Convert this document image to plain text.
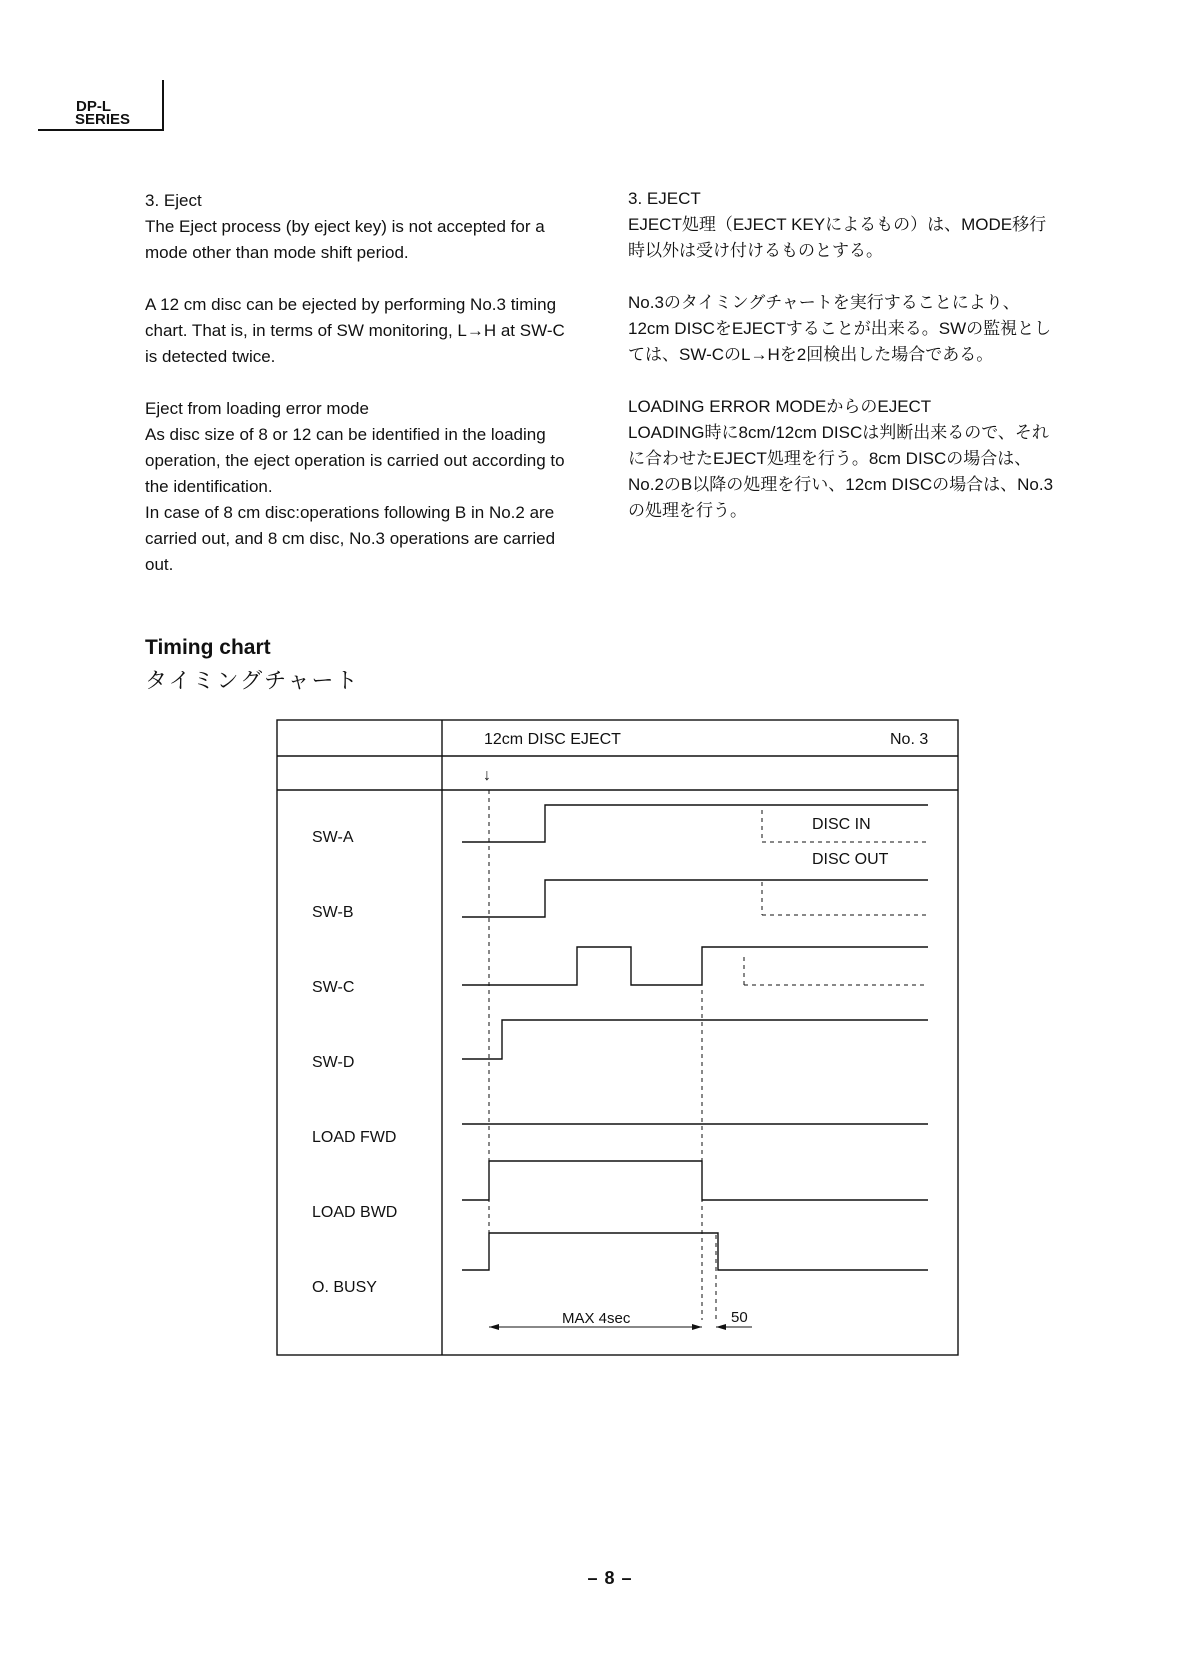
DP-L
SERIES

3. Eject

The Eject process (by eject key) is not accepted for a

mode other than mode shift period.

A 12 cm disc can be ejected by performing No.3 timing

chart. That is, in terms of SW monitoring, L→H at SW-C

is detected twice.

Eject from loading error mode

As disc size of 8 or 12 can be identified in the loading

operation, the eject operation is carried out according to

the identification.

In case of 8 cm disc:operations following B in No.2 are

carried out, and 8 cm disc, No.3 operations are carried

out.

3. EJECT

EJECT処理（EJECT KEYによるもの）は、MODE移行

時以外は受け付けるものとする。

No.3のタイミングチャートを実行することにより、

12cm DISCをEJECTすることが出来る。SWの監視とし

ては、SW-CのL→Hを2回検出した場合である。

LOADING ERROR MODEからのEJECT

LOADING時に8cm/12cm DISCは判断出来るので、それ

に合わせたEJECT処理を行う。8cm DISCの場合は、

No.2のB以降の処理を行い、12cm DISCの場合は、No.3

の処理を行う。

Timing chart
タイミングチャート
12cm DISC EJECT	No. 3
↓
SW-A
SW-B
SW-C
SW-D
LOAD FWD
LOAD BWD
O. BUSY
DISC IN
DISC OUT
MAX 4sec	50
– 8 –
